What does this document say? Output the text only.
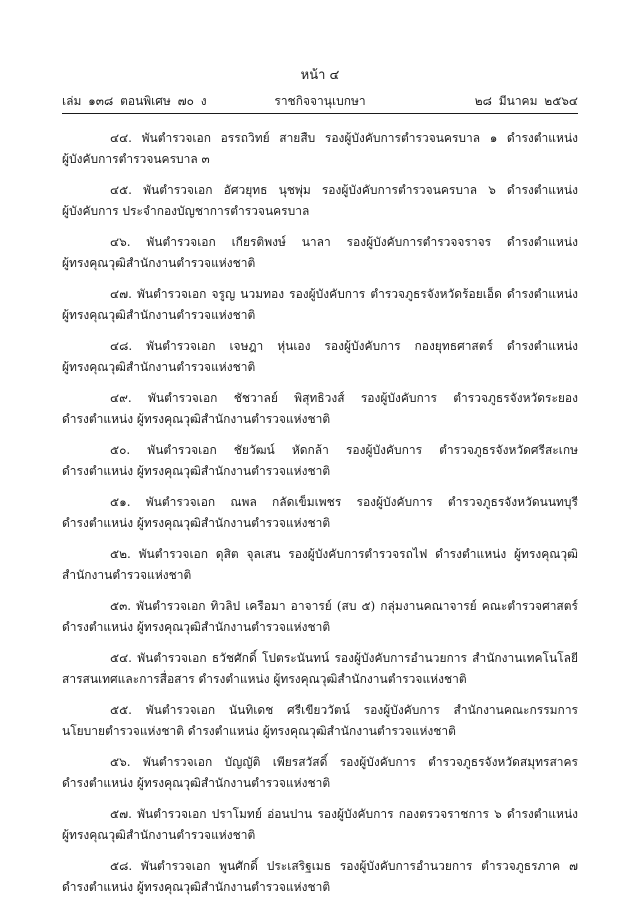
หน้า ๔
เล่ม ๑๓๘ ตอนพิเศษ ๗๐ ง	ราชกิจจานุเบกษา	๒๘ มีนาคม ๒๕๖๔
๔๔. พันตำรวจเอก อรรถวิทย์ สายสืบ รองผู้บังคับการตำรวจนครบาล ๑ ดำรงตำแหน่ง
ผู้บังคับการตำรวจนครบาล ๓
๔๕. พันตำรวจเอก อัศวยุทธ นุชพุ่ม รองผู้บังคับการตำรวจนครบาล ๖ ดำรงตำแหน่ง
ผู้บังคับการ ประจำกองบัญชาการตำรวจนครบาล
๔๖. พันตำรวจเอก เกียรติพงษ์ นาลา รองผู้บังคับการตำรวจจราจร ดำรงตำแหน่ง
ผู้ทรงคุณวุฒิสำนักงานตำรวจแห่งชาติ
๔๗. พันตำรวจเอก จรูญ นวมทอง รองผู้บังคับการ ตำรวจภูธรจังหวัดร้อยเอ็ด ดำรงตำแหน่ง
ผู้ทรงคุณวุฒิสำนักงานตำรวจแห่งชาติ
๔๘. พันตำรวจเอก เจษฎา หุ่นเอง รองผู้บังคับการ กองยุทธศาสตร์ ดำรงตำแหน่ง
ผู้ทรงคุณวุฒิสำนักงานตำรวจแห่งชาติ
๔๙. พันตำรวจเอก ชัชวาลย์ พิสุทธิวงส์ รองผู้บังคับการ ตำรวจภูธรจังหวัดระยอง
ดำรงตำแหน่ง ผู้ทรงคุณวุฒิสำนักงานตำรวจแห่งชาติ
๕๐. พันตำรวจเอก ชัยวัฒน์ หัดกล้า รองผู้บังคับการ ตำรวจภูธรจังหวัดศรีสะเกษ
ดำรงตำแหน่ง ผู้ทรงคุณวุฒิสำนักงานตำรวจแห่งชาติ
๕๑. พันตำรวจเอก ณพล กลัดเข็มเพชร รองผู้บังคับการ ตำรวจภูธรจังหวัดนนทบุรี
ดำรงตำแหน่ง ผู้ทรงคุณวุฒิสำนักงานตำรวจแห่งชาติ
๕๒. พันตำรวจเอก ดุสิต จุลเสน รองผู้บังคับการตำรวจรถไฟ ดำรงตำแหน่ง ผู้ทรงคุณวุฒิ
สำนักงานตำรวจแห่งชาติ
๕๓. พันตำรวจเอก ทิวลิป เครือมา อาจารย์ (สบ ๕) กลุ่มงานคณาจารย์ คณะตำรวจศาสตร์
ดำรงตำแหน่ง ผู้ทรงคุณวุฒิสำนักงานตำรวจแห่งชาติ
๕๔. พันตำรวจเอก ธวัชศักดิ์ โปตระนันทน์ รองผู้บังคับการอำนวยการ สำนักงานเทคโนโลยี
สารสนเทศและการสื่อสาร ดำรงตำแหน่ง ผู้ทรงคุณวุฒิสำนักงานตำรวจแห่งชาติ
๕๕. พันตำรวจเอก นันทิเดช ศรีเขียววัตน์ รองผู้บังคับการ สำนักงานคณะกรรมการ
นโยบายตำรวจแห่งชาติ ดำรงตำแหน่ง ผู้ทรงคุณวุฒิสำนักงานตำรวจแห่งชาติ
๕๖. พันตำรวจเอก บัญญัติ เพียรสวัสดิ์ รองผู้บังคับการ ตำรวจภูธรจังหวัดสมุทรสาคร
ดำรงตำแหน่ง ผู้ทรงคุณวุฒิสำนักงานตำรวจแห่งชาติ
๕๗. พันตำรวจเอก ปราโมทย์ อ่อนปาน รองผู้บังคับการ กองตรวจราชการ ๖ ดำรงตำแหน่ง
ผู้ทรงคุณวุฒิสำนักงานตำรวจแห่งชาติ
๕๘. พันตำรวจเอก พูนศักดิ์ ประเสริฐเมธ รองผู้บังคับการอำนวยการ ตำรวจภูธรภาค ๗
ดำรงตำแหน่ง ผู้ทรงคุณวุฒิสำนักงานตำรวจแห่งชาติ
